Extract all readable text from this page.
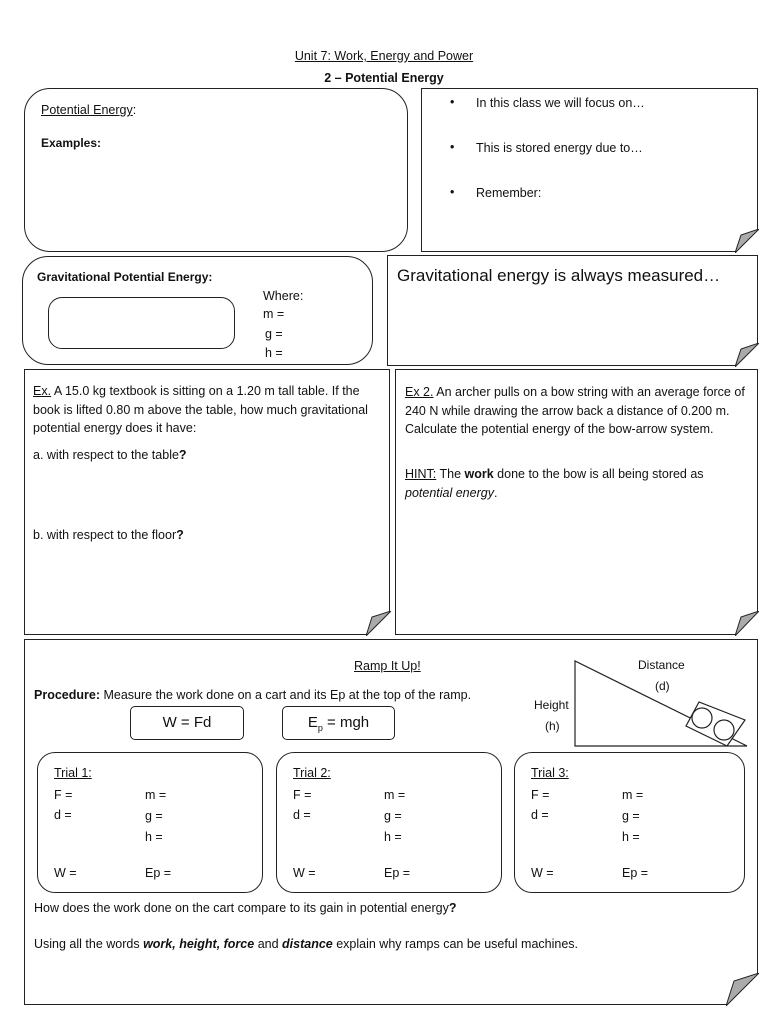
Unit 7: Work, Energy and Power
2 – Potential Energy
Potential Energy:
Examples:
• In this class we will focus on…
• This is stored energy due to…
• Remember:
Gravitational Potential Energy:
Where:
m =
g =
h =
Gravitational energy is always measured…
Ex. A 15.0 kg textbook is sitting on a 1.20 m tall table. If the book is lifted 0.80 m above the table, how much gravitational potential energy does it have:
a. with respect to the table?
b. with respect to the floor?
Ex 2. An archer pulls on a bow string with an average force of 240 N while drawing the arrow back a distance of 0.200 m. Calculate the potential energy of the bow-arrow system.
HINT: The work done to the bow is all being stored as potential energy.
Ramp It Up!
Procedure: Measure the work done on a cart and its Ep at the top of the ramp.
W = Fd	$E_p$ = mgh
Distance
(d)
Height
(h)
Trial 1:
F =	m =
d =	g =
h =
W =	Ep =
Trial 2:
F =	m =
d =	g =
h =
W =	Ep =
Trial 3:
F =	m =
d =	g =
h =
W =	Ep =
How does the work done on the cart compare to its gain in potential energy?
Using all the words work, height, force and distance explain why ramps can be useful machines.
